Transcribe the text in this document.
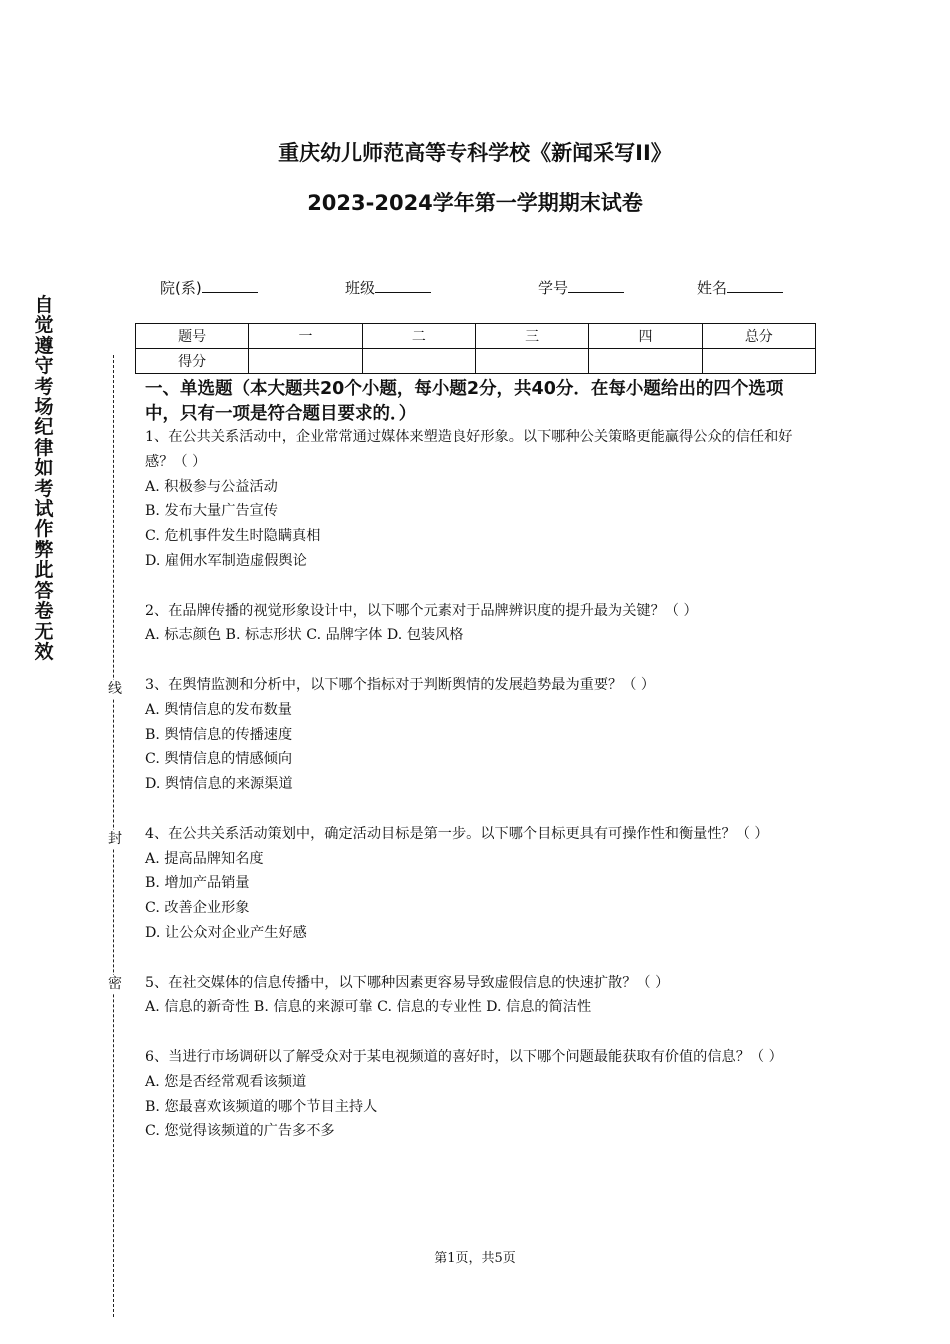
重庆幼儿师范高等专科学校《新闻采写II》
2023-2024学年第一学期期末试卷
院(系)	班级	学号	姓名
题号	一	二	三	四	总分
得分					
自觉遵守考场纪律如考试作弊此答卷无效
线
封
密
一、单选题（本大题共20个小题，每小题2分，共40分．在每小题给出的四个选项中，只有一项是符合题目要求的．）

1、在公共关系活动中，企业常常通过媒体来塑造良好形象。以下哪种公关策略更能赢得公众的信任和好感？（ ）

A. 积极参与公益活动

B. 发布大量广告宣传

C. 危机事件发生时隐瞒真相

D. 雇佣水军制造虚假舆论

2、在品牌传播的视觉形象设计中，以下哪个元素对于品牌辨识度的提升最为关键？（ ）

A. 标志颜色 B. 标志形状 C. 品牌字体 D. 包装风格

3、在舆情监测和分析中，以下哪个指标对于判断舆情的发展趋势最为重要？（ ）

A. 舆情信息的发布数量

B. 舆情信息的传播速度

C. 舆情信息的情感倾向

D. 舆情信息的来源渠道

4、在公共关系活动策划中，确定活动目标是第一步。以下哪个目标更具有可操作性和衡量性？（ ）

A. 提高品牌知名度

B. 增加产品销量

C. 改善企业形象

D. 让公众对企业产生好感

5、在社交媒体的信息传播中，以下哪种因素更容易导致虚假信息的快速扩散？（ ）

A. 信息的新奇性 B. 信息的来源可靠 C. 信息的专业性 D. 信息的简洁性

6、当进行市场调研以了解受众对于某电视频道的喜好时，以下哪个问题最能获取有价值的信息？（ ）

A. 您是否经常观看该频道

B. 您最喜欢该频道的哪个节目主持人

C. 您觉得该频道的广告多不多

第1页，共5页
